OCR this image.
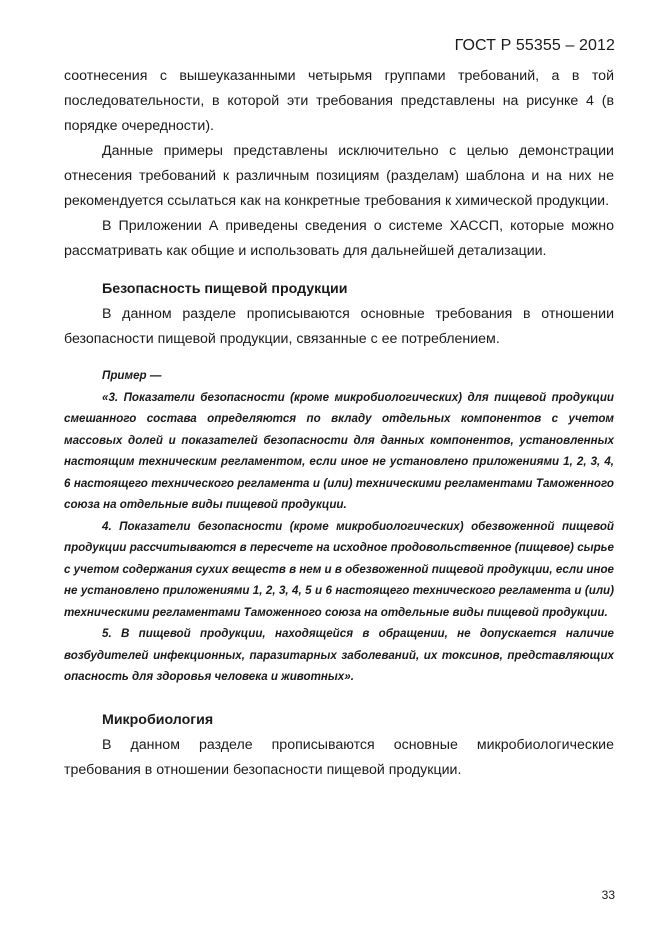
ГОСТ Р 55355 – 2012

соотнесения с вышеуказанными четырьмя группами требований, а в той последовательности, в которой эти требования представлены на рисунке 4 (в порядке очередности).

Данные примеры представлены исключительно с целью демонстрации отнесения требований к различным позициям (разделам) шаблона и на них не рекомендуется ссылаться как на конкретные требования к химической продукции.

В Приложении А приведены сведения о системе ХАССП, которые можно рассматривать как общие и использовать для дальнейшей детализации.

Безопасность пищевой продукции

В данном разделе прописываются основные требования в отношении безопасности пищевой продукции, связанные с ее потреблением.

Пример —

«3. Показатели безопасности (кроме микробиологических) для пищевой продукции смешанного состава определяются по вкладу отдельных компонентов с учетом массовых долей и показателей безопасности для данных компонентов, установленных настоящим техническим регламентом, если иное не установлено приложениями 1, 2, 3, 4, 6 настоящего технического регламента и (или) техническими регламентами Таможенного союза на отдельные виды пищевой продукции.

4. Показатели безопасности (кроме микробиологических) обезвоженной пищевой продукции рассчитываются в пересчете на исходное продовольственное (пищевое) сырье с учетом содержания сухих веществ в нем и в обезвоженной пищевой продукции, если иное не установлено приложениями 1, 2, 3, 4, 5 и 6 настоящего технического регламента и (или) техническими регламентами Таможенного союза на отдельные виды пищевой продукции.

5. В пищевой продукции, находящейся в обращении, не допускается наличие возбудителей инфекционных, паразитарных заболеваний, их токсинов, представляющих опасность для здоровья человека и животных».

Микробиология

В данном разделе прописываются основные микробиологические требования в отношении безопасности пищевой продукции.

33
